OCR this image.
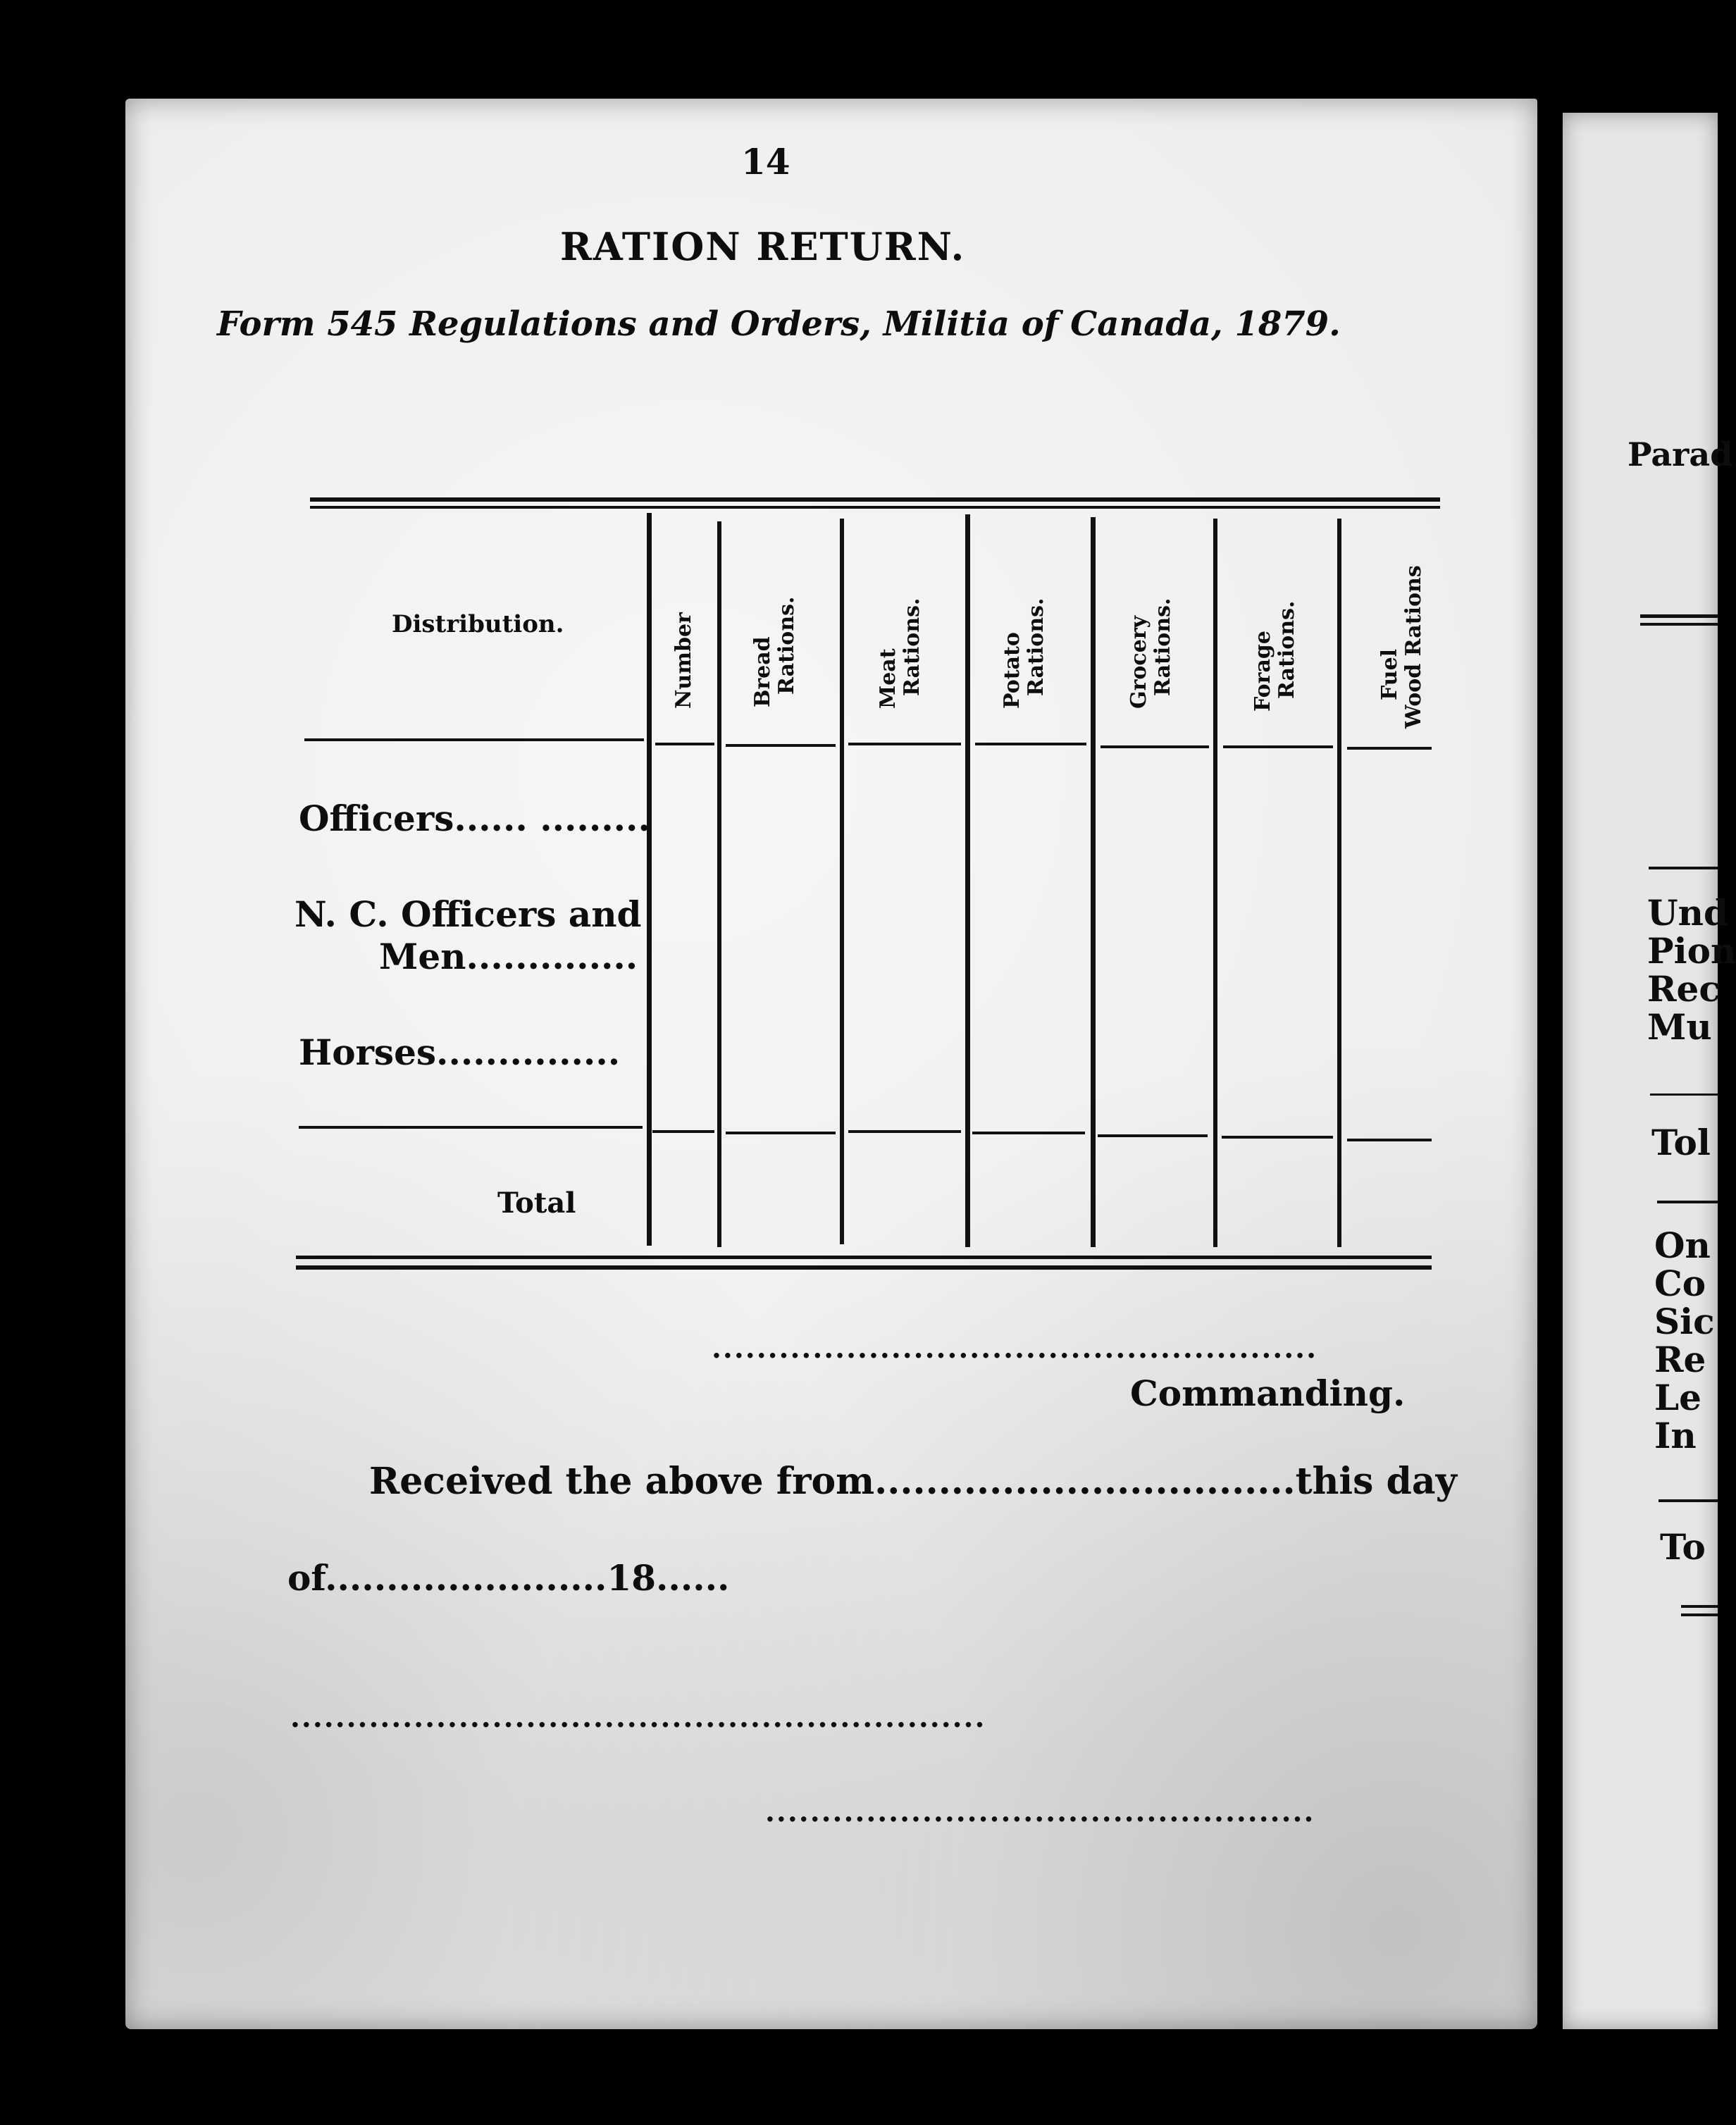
14
RATION RETURN.
Form 545 Regulations and Orders, Militia of Canada, 1879.
Distribution.	Number	Bread Rations.	Meat Rations.	Potato Rations.	Grocery Rations.	Forage Rations.	Fuel Wood Rations
Officers...... .........
N. C. Officers and
Men..............
Horses...............
Total
......................................................
Commanding.
Received the above from.................................this day
of.......................18......
..............................................................
.................................................
Parad
Und
Pion
Rec
Mu
Tol
On
Co
Sic
Re
Le
In
To
